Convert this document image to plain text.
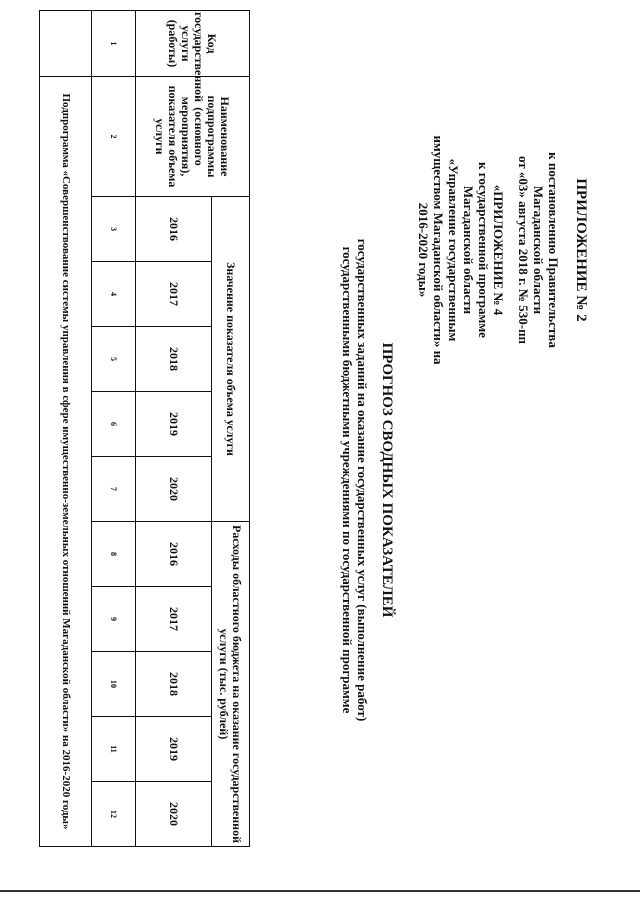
ПРИЛОЖЕНИЕ № 2
к постановлению Правительства
Магаданской области
от «03» августа 2018 г. № 530-пп
«ПРИЛОЖЕНИЕ № 4
к государственной программе
Магаданской области
«Управление государственным
имуществом Магаданской области» на
2016-2020 годы»
ПРОГНОЗ СВОДНЫХ ПОКАЗАТЕЛЕЙ
государственных заданий на оказание государственных услуг (выполнение работ)
государственными бюджетными учреждениями по государственной программе
Код государственной услуги (работы)	Наименование подпрограммы (основного мероприятия), показателя объема услуги	Значение показателя объема услуги					Расходы областного бюджета на оказание государственной услуги (тыс. рублей)				
		2016	2017	2018	2019	2020	2016	2017	2018	2019	2020
1	2	3	4	5	6	7	8	9	10	11	12
	Подпрограмма «Совершенствование системы управления в сфере имущественно-земельных отношений Магаданской области» на 2016-2020 годы»										
